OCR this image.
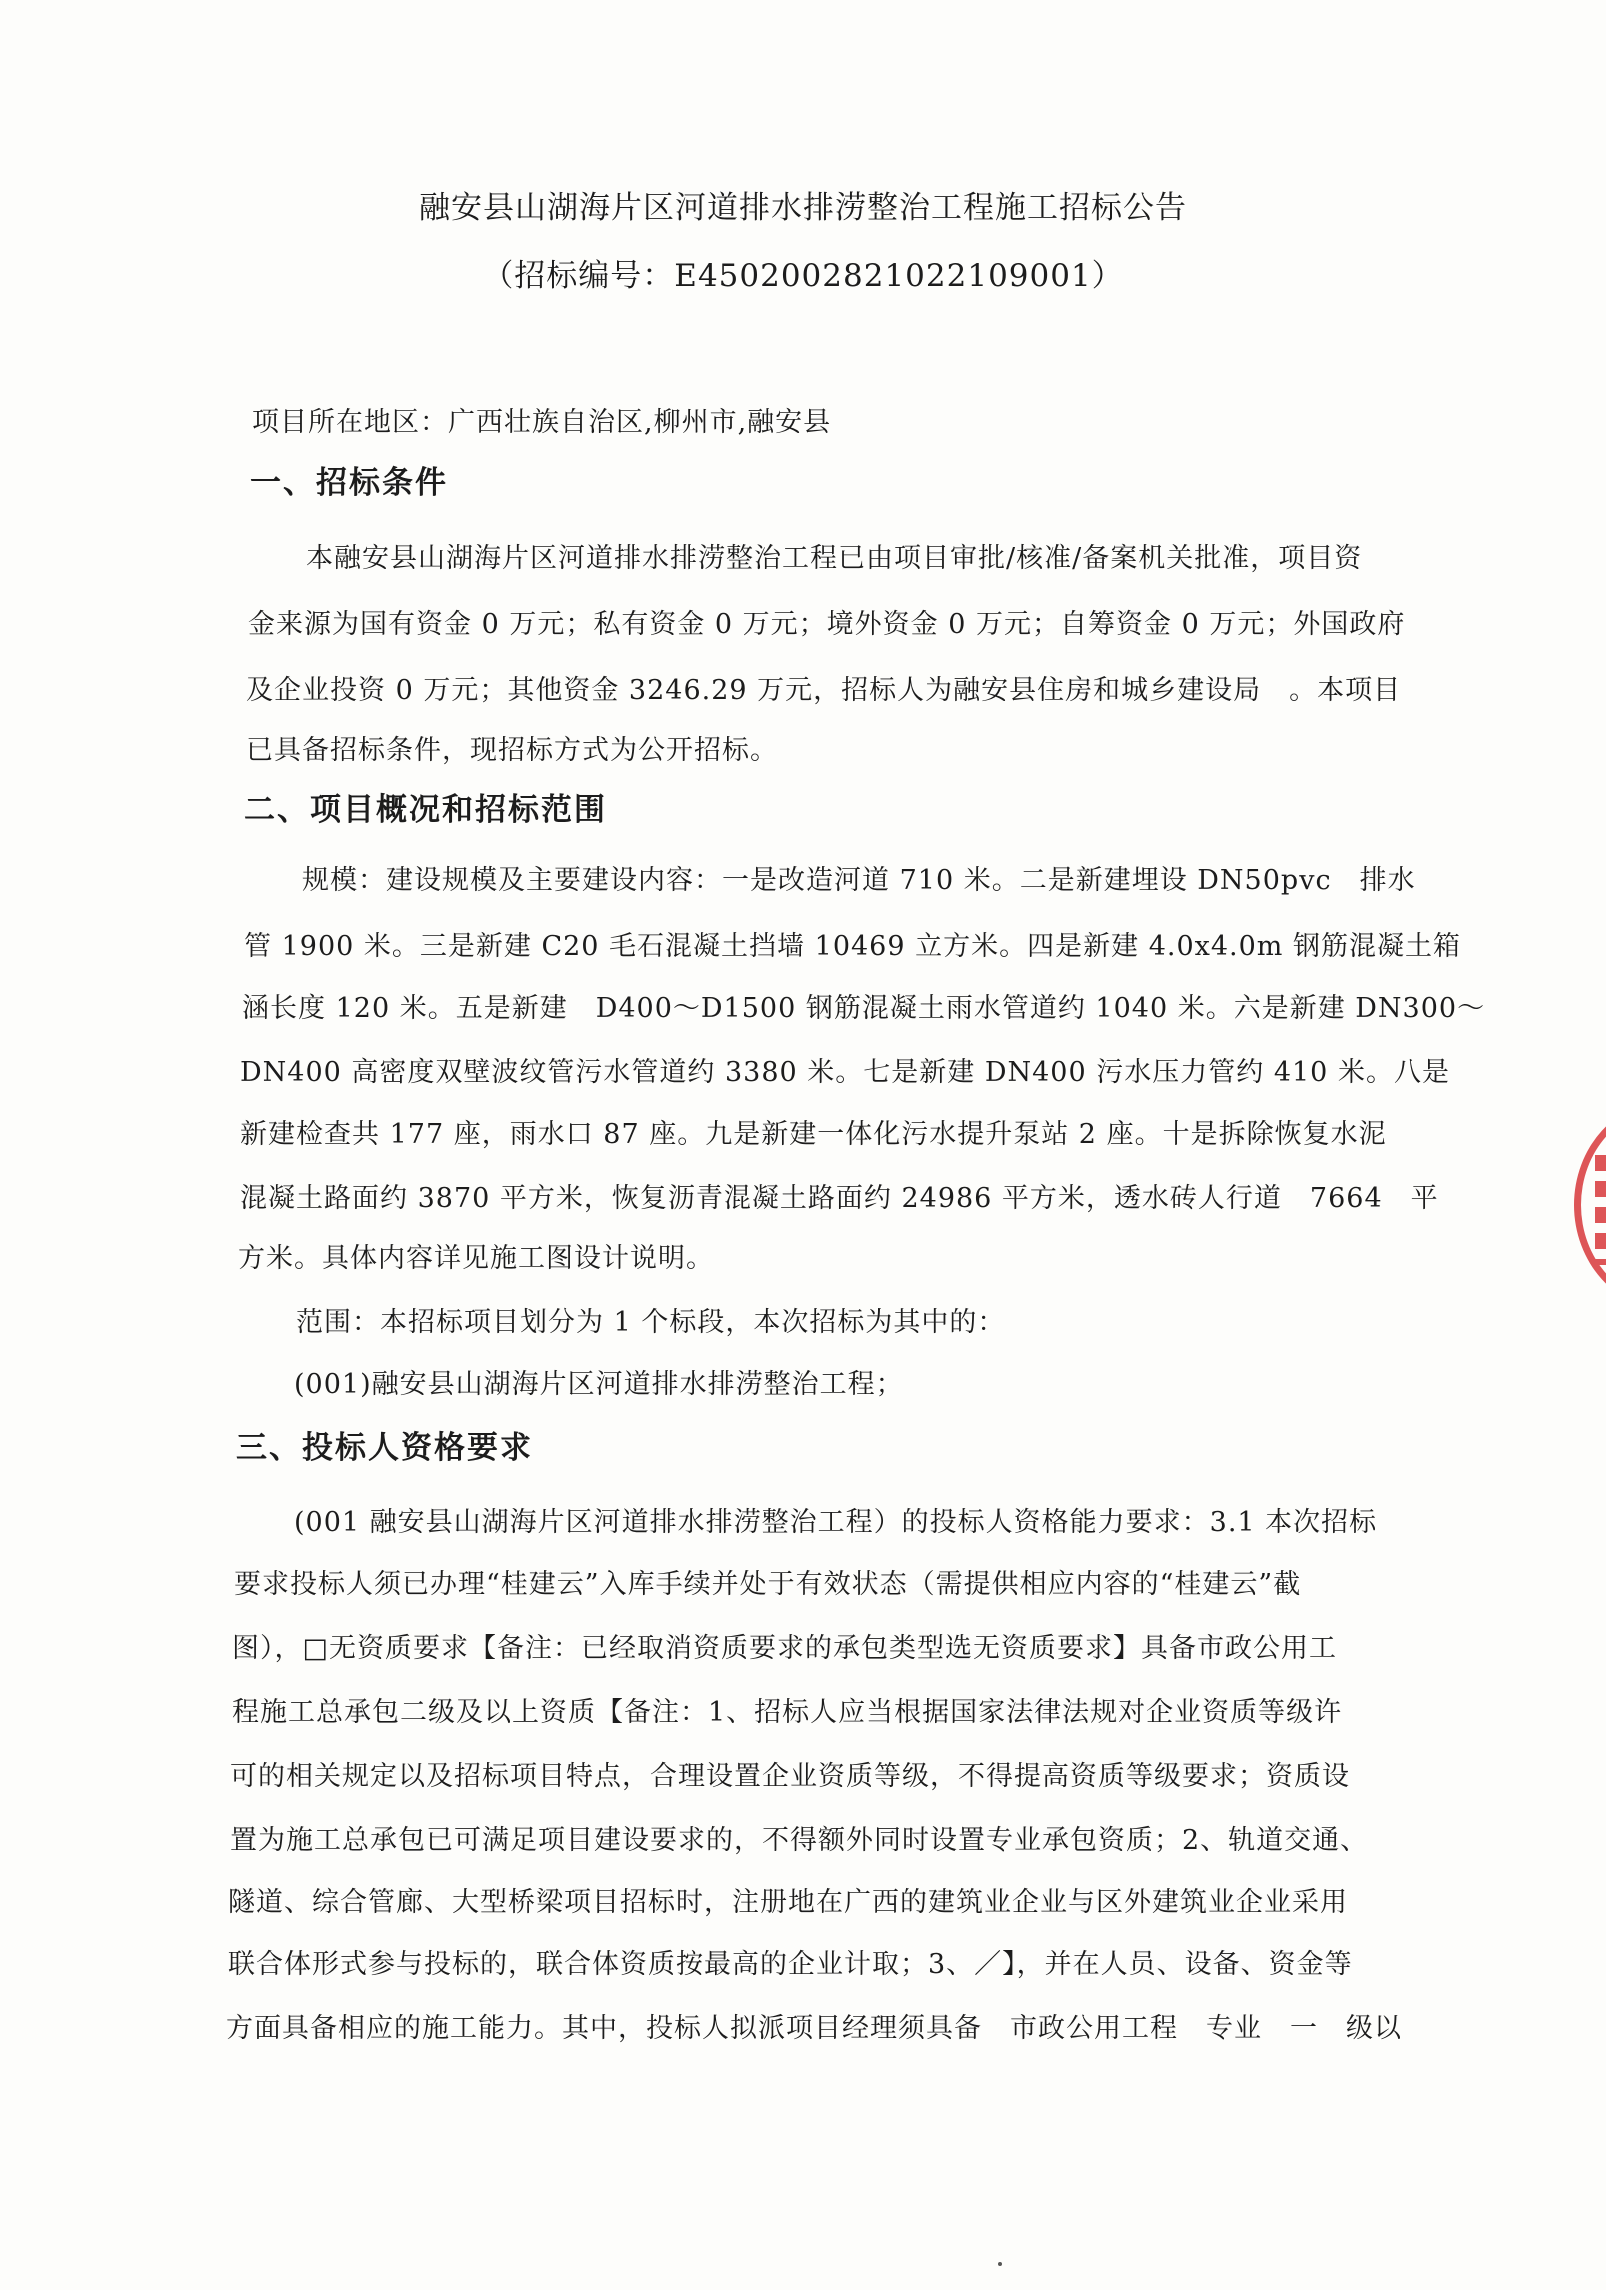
融安县山湖海片区河道排水排涝整治工程施工招标公告
（招标编号：E4502002821022109001）
项目所在地区：广西壮族自治区,柳州市,融安县
一、招标条件
本融安县山湖海片区河道排水排涝整治工程已由项目审批/核准/备案机关批准，项目资
金来源为国有资金 0 万元；私有资金 0 万元；境外资金 0 万元；自筹资金 0 万元；外国政府
及企业投资 0 万元；其他资金 3246.29 万元，招标人为融安县住房和城乡建设局　。本项目
已具备招标条件，现招标方式为公开招标。
二、项目概况和招标范围
规模：建设规模及主要建设内容：一是改造河道 710 米。二是新建埋设 DN50pvc　排水
管 1900 米。三是新建 C20 毛石混凝土挡墙 10469 立方米。四是新建 4.0x4.0m 钢筋混凝土箱
涵长度 120 米。五是新建　D400～D1500 钢筋混凝土雨水管道约 1040 米。六是新建 DN300～
DN400 高密度双壁波纹管污水管道约 3380 米。七是新建 DN400 污水压力管约 410 米。八是
新建检查共 177 座，雨水口 87 座。九是新建一体化污水提升泵站 2 座。十是拆除恢复水泥
混凝土路面约 3870 平方米，恢复沥青混凝土路面约 24986 平方米，透水砖人行道　7664　平
方米。具体内容详见施工图设计说明。
范围：本招标项目划分为 1 个标段，本次招标为其中的：
(001)融安县山湖海片区河道排水排涝整治工程；
三、投标人资格要求
(001 融安县山湖海片区河道排水排涝整治工程）的投标人资格能力要求：3.1 本次招标
要求投标人须已办理“桂建云”入库手续并处于有效状态（需提供相应内容的“桂建云”截
图），□无资质要求【备注：已经取消资质要求的承包类型选无资质要求】具备市政公用工
程施工总承包二级及以上资质【备注：1、招标人应当根据国家法律法规对企业资质等级许
可的相关规定以及招标项目特点，合理设置企业资质等级，不得提高资质等级要求；资质设
置为施工总承包已可满足项目建设要求的，不得额外同时设置专业承包资质；2、轨道交通、
隧道、综合管廊、大型桥梁项目招标时，注册地在广西的建筑业企业与区外建筑业企业采用
联合体形式参与投标的，联合体资质按最高的企业计取；3、／】，并在人员、设备、资金等
方面具备相应的施工能力。其中，投标人拟派项目经理须具备　市政公用工程　专业　一　级以
